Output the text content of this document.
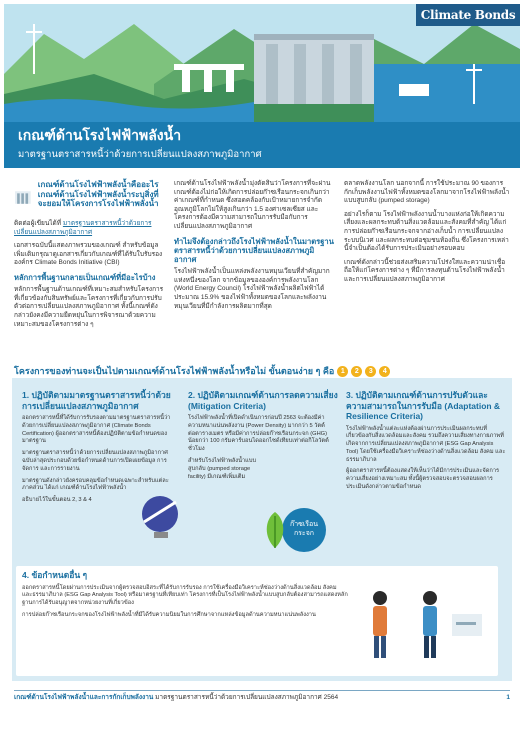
Climate Bonds
เกณฑ์ด้านโรงไฟฟ้าพลังน้ำ
มาตรฐานตราสารหนี้ว่าด้วยการเปลี่ยนแปลงสภาพภูมิอากาศ
เกณฑ์ด้านโรงไฟฟ้าพลังน้ำคืออะไร
เกณฑ์ด้านโรงไฟฟ้าพลังน้ำระบุสิ่งที่จะยอมให้โครงการโรงไฟฟ้าพลังน้ำ

ติดต่อผู้เขียนได้ที่ มาตรฐานตราสารหนี้ว่าด้วยการเปลี่ยนแปลงสภาพภูมิอากาศ

เอกสารฉบับนี้แสดงภาพรวมของเกณฑ์ สำหรับข้อมูลเพิ่มเติมกรุณาดูเอกสารเกี่ยวกับเกณฑ์ที่ได้รับใบรับรอง องค์กร Climate Bonds Initiative (CBI)

หลักการพื้นฐานกลายเป็นเกณฑ์ที่มีอะไรบ้าง

หลักการพื้นฐานด้านเกณฑ์ที่เหมาะสมสำหรับโครงการที่เกี่ยวข้องกับสินทรัพย์และโครงการที่เกี่ยวกับการปรับตัวต่อการเปลี่ยนแปลงสภาพภูมิอากาศ ทั้งนี้เกณฑ์ดังกล่าวยังคงมีความยืดหยุ่นในการพิจารณาด้วยความเหมาะสมของโครงการต่าง ๆ

เกณฑ์ด้านโรงไฟฟ้าพลังน้ำมุ่งตัดสินว่าโครงการที่จะผ่านเกณฑ์ต้องไม่ก่อให้เกิดการปล่อยก๊าซเรือนกระจกเกินกว่าค่าเกณฑ์ที่กำหนด ซึ่งสอดคล้องกับเป้าหมายการจำกัดอุณหภูมิโลกไม่ให้สูงเกินกว่า 1.5 องศาเซลเซียส และโครงการต้องมีความสามารถในการรับมือกับการเปลี่ยนแปลงสภาพภูมิอากาศ

ทำไมจึงต้องกล่าวถึงโรงไฟฟ้าพลังน้ำในมาตรฐานตราสารหนี้ว่าด้วยการเปลี่ยนแปลงสภาพภูมิอากาศ

โรงไฟฟ้าพลังน้ำเป็นแหล่งพลังงานหมุนเวียนที่สำคัญมากแห่งหนึ่งของโลก จากข้อมูลขององค์การพลังงานโลก (World Energy Council) โรงไฟฟ้าพลังน้ำผลิตไฟฟ้าได้ประมาณ 15.9% ของไฟฟ้าทั้งหมดของโลกและพลังงานหมุนเวียนที่มีกำลังการผลิตมากที่สุด

ตลาดพลังงานโลก นอกจากนี้ การใช้ประมาณ 90 ของการกักเก็บพลังงานไฟฟ้าทั้งหมดของโลกมาจากโรงไฟฟ้าพลังน้ำแบบสูบกลับ (pumped storage)

อย่างไรก็ตาม โรงไฟฟ้าพลังงานน้ำบางแห่งก่อให้เกิดความเสี่ยงและผลกระทบด้านสิ่งแวดล้อมและสังคมที่สำคัญ ได้แก่ การปล่อยก๊าซเรือนกระจกจากอ่างเก็บน้ำ การเปลี่ยนแปลงระบบนิเวศ และผลกระทบต่อชุมชนท้องถิ่น ซึ่งโครงการเหล่านี้จำเป็นต้องได้รับการประเมินอย่างรอบคอบ

เกณฑ์ดังกล่าวนี้ช่วยส่งเสริมความโปร่งใสและความน่าเชื่อถือให้แก่โครงการต่าง ๆ ที่มีการลงทุนด้านโรงไฟฟ้าพลังน้ำและการเปลี่ยนแปลงสภาพภูมิอากาศ

โครงการของท่านจะเป็นไปตามเกณฑ์ด้านโรงไฟฟ้าพลังน้ำหรือไม่ ขั้นตอนง่าย ๆ คือ 1	2	3	4
1. ปฏิบัติตามมาตรฐานตราสารหนี้ว่าด้วยการเปลี่ยนแปลงสภาพภูมิอากาศ

ออกตราสารหนี้ที่ได้รับการรับรองตามมาตรฐานตราสารหนี้ว่าด้วยการเปลี่ยนแปลงสภาพภูมิอากาศ (Climate Bonds Certification) ผู้ออกตราสารหนี้ต้องปฏิบัติตามข้อกำหนดของมาตรฐาน

มาตรฐานตราสารหนี้ว่าด้วยการเปลี่ยนแปลงสภาพภูมิอากาศฉบับล่าสุดประกอบด้วยข้อกำหนดด้านการเปิดเผยข้อมูล การจัดการ และการรายงาน

มาตรฐานดังกล่าวยังครอบคลุมข้อกำหนดเฉพาะสำหรับแต่ละภาคส่วน ได้แก่ เกณฑ์ด้านโรงไฟฟ้าพลังน้ำ

อธิบายไว้ในขั้นตอน 2, 3 & 4

2. ปฏิบัติตามเกณฑ์ด้านการลดความเสี่ยง (Mitigation Criteria)

โรงไฟฟ้าพลังน้ำที่เปิดดำเนินการก่อนปี 2563 จะต้องมีค่าความหนาแน่นพลังงาน (Power Density) มากกว่า 5 วัตต์ต่อตารางเมตร หรือมีค่าการปล่อยก๊าซเรือนกระจก (GHG) น้อยกว่า 100 กรัมคาร์บอนไดออกไซด์เทียบเท่าต่อกิโลวัตต์ชั่วโมง

สำหรับโรงไฟฟ้าพลังน้ำแบบสูบกลับ (pumped storage facility) มีเกณฑ์เพิ่มเติม

ก๊าซเรือนกระจก
3. ปฏิบัติตามเกณฑ์ด้านการปรับตัวและความสามารถในการรับมือ (Adaptation & Resilience Criteria)

โรงไฟฟ้าพลังน้ำแต่ละแห่งต้องผ่านการประเมินผลกระทบที่เกี่ยวข้องกับสิ่งแวดล้อมและสังคม รวมถึงความเสี่ยงทางกายภาพที่เกิดจากการเปลี่ยนแปลงสภาพภูมิอากาศ (ESG Gap Analysis Tool) โดยใช้เครื่องมือวิเคราะห์ช่องว่างด้านสิ่งแวดล้อม สังคม และธรรมาภิบาล

ผู้ออกตราสารหนี้ต้องแสดงให้เห็นว่าได้มีการประเมินและจัดการความเสี่ยงอย่างเหมาะสม ทั้งนี้ผู้ตรวจสอบจะตรวจสอบผลการประเมินดังกล่าวตามข้อกำหนด

4. ข้อกำหนดอื่น ๆ

ออกตราสารหนี้โดยผ่านการประเมินจากผู้ตรวจสอบอิสระที่ได้รับการรับรอง การใช้เครื่องมือวิเคราะห์ช่องว่างด้านสิ่งแวดล้อม สังคม และธรรมาภิบาล (ESG Gap Analysis Tool) หรือมาตรฐานที่เทียบเท่า โครงการที่เป็นโรงไฟฟ้าพลังน้ำแบบสูบกลับต้องสามารถแสดงหลักฐานการได้รับอนุญาตจากหน่วยงานที่เกี่ยวข้อง

การปล่อยก๊าซเรือนกระจกของโรงไฟฟ้าพลังน้ำที่มีได้รับความนิยมในการศึกษาจากแหล่งข้อมูลด้านความหนาแน่นพลังงาน

เกณฑ์ด้านโรงไฟฟ้าพลังน้ำและการกักเก็บพลังงาน มาตรฐานตราสารหนี้ว่าด้วยการเปลี่ยนแปลงสภาพภูมิอากาศ 2564	1
